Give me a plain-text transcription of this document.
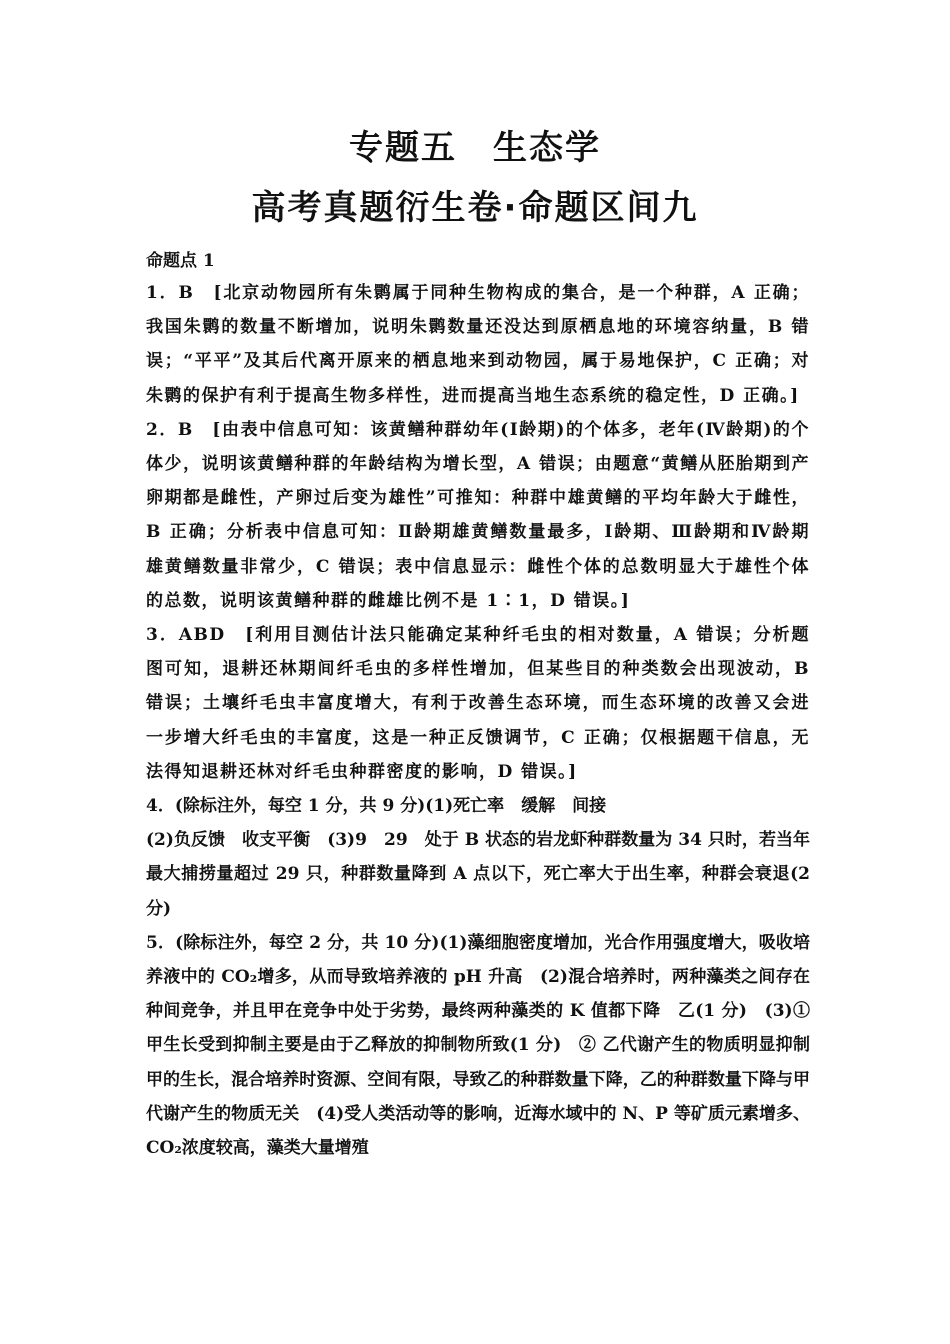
专题五　生态学
高考真题衍生卷·命题区间九
命题点 1

1．B　[北京动物园所有朱鹮属于同种生物构成的集合，是一个种群，A 正确；我国朱鹮的数量不断增加，说明朱鹮数量还没达到原栖息地的环境容纳量，B 错误；“平平”及其后代离开原来的栖息地来到动物园，属于易地保护，C 正确；对朱鹮的保护有利于提高生物多样性，进而提高当地生态系统的稳定性，D 正确。]

2．B　[由表中信息可知：该黄鳝种群幼年(Ⅰ龄期)的个体多，老年(Ⅳ龄期)的个体少，说明该黄鳝种群的年龄结构为增长型，A 错误；由题意“黄鳝从胚胎期到产卵期都是雌性，产卵过后变为雄性”可推知：种群中雄黄鳝的平均年龄大于雌性，B 正确；分析表中信息可知：Ⅱ龄期雄黄鳝数量最多，Ⅰ龄期、Ⅲ龄期和Ⅳ龄期雄黄鳝数量非常少，C 错误；表中信息显示：雌性个体的总数明显大于雄性个体的总数，说明该黄鳝种群的雌雄比例不是 1∶1，D 错误。]

3．ABD　[利用目测估计法只能确定某种纤毛虫的相对数量，A 错误；分析题图可知，退耕还林期间纤毛虫的多样性增加，但某些目的种类数会出现波动，B 错误；土壤纤毛虫丰富度增大，有利于改善生态环境，而生态环境的改善又会进一步增大纤毛虫的丰富度，这是一种正反馈调节，C 正确；仅根据题干信息，无法得知退耕还林对纤毛虫种群密度的影响，D 错误。]

4．(除标注外，每空 1 分，共 9 分)(1)死亡率　缓解　间接

(2)负反馈　收支平衡　(3)9　29　处于 B 状态的岩龙虾种群数量为 34 只时，若当年最大捕捞量超过 29 只，种群数量降到 A 点以下，死亡率大于出生率，种群会衰退(2 分)

5．(除标注外，每空 2 分，共 10 分)(1)藻细胞密度增加，光合作用强度增大，吸收培养液中的 CO₂增多，从而导致培养液的 pH 升高　(2)混合培养时，两种藻类之间存在种间竞争，并且甲在竞争中处于劣势，最终两种藻类的 K 值都下降　乙(1 分)　(3)① 甲生长受到抑制主要是由于乙释放的抑制物所致(1 分)　② 乙代谢产生的物质明显抑制甲的生长，混合培养时资源、空间有限，导致乙的种群数量下降，乙的种群数量下降与甲代谢产生的物质无关　(4)受人类活动等的影响，近海水域中的 N、P 等矿质元素增多、CO₂浓度较高，藻类大量增殖
